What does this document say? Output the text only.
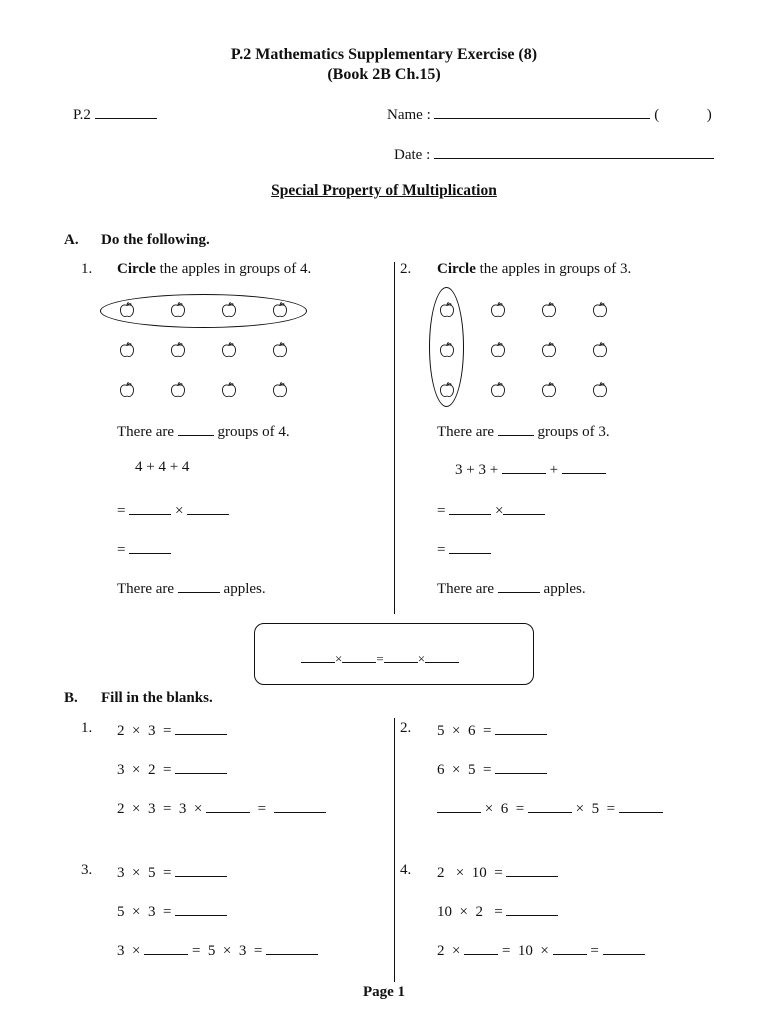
P.2 Mathematics Supplementary Exercise (8)
(Book 2B Ch.15)
P.2	Name :	(	)
Date :
Special Property of Multiplication
A. Do the following.
1. Circle the apples in groups of 4.
There are	groups of 4.
4 + 4 + 4
=	×
=
There are	apples.
2. Circle the apples in groups of 3.
There are	groups of 3.
3 + 3 +	+
=	×
=
There are	apples.
×	=	×
B. Fill in the blanks.
1. 2  ×  3  =
3  ×  2  =
2  ×  3  =  3  ×	=
2. 5  ×  6  =
6  ×  5  =
×  6  =	×  5  =
3. 3  ×  5  =
5  ×  3  =
3  ×	=  5  ×  3  =
4. 2   ×  10  =
10  ×  2   =
2  ×	=  10  ×	=
Page 1
